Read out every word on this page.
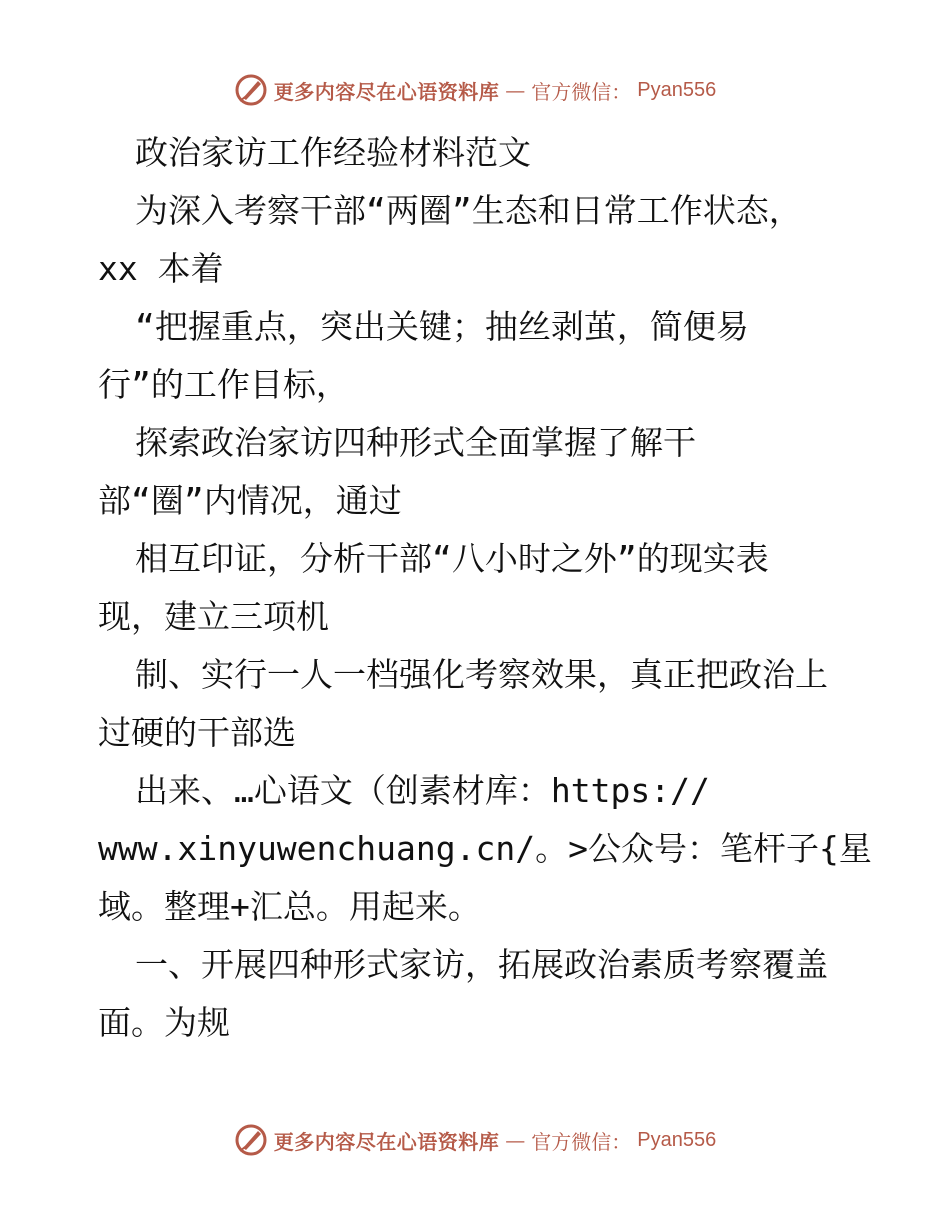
更多内容尽在心语资料库 — 官方微信： Pyan556
政治家访工作经验材料范文
为深入考察干部“两圈”生态和日常工作状态，
xx 本着
“把握重点，突出关键；抽丝剥茧，简便易
行”的工作目标，
探索政治家访四种形式全面掌握了解干
部“圈”内情况，通过
相互印证，分析干部“八小时之外”的现实表
现，建立三项机
制、实行一人一档强化考察效果，真正把政治上
过硬的干部选
出来、…心语文（创素材库：https://
www.xinyuwenchuang.cn/。>公众号：笔杆子{星
域。整理+汇总。用起来。
一、开展四种形式家访，拓展政治素质考察覆盖
面。为规
更多内容尽在心语资料库 — 官方微信： Pyan556
